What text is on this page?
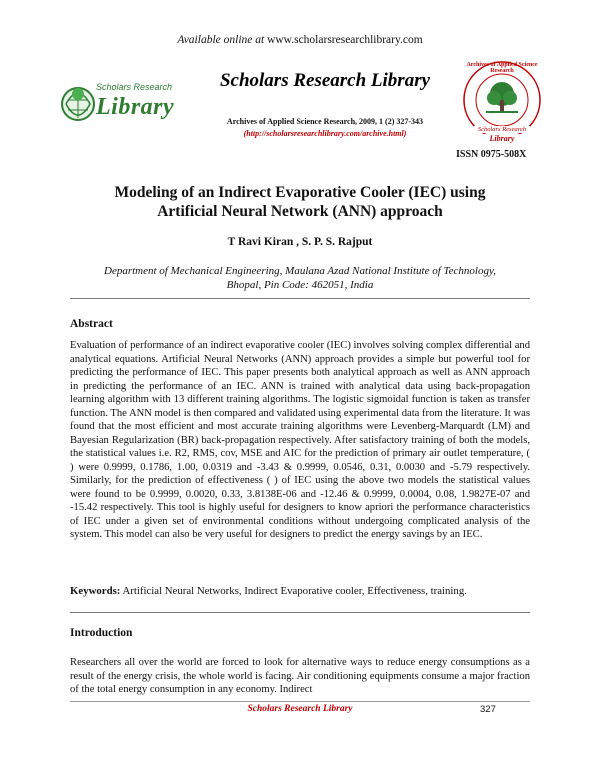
Available online at www.scholarsresearchlibrary.com
Scholars Research
Library
Scholars Research Library
Archives of Applied Science Research, 2009, 1 (2) 327-343
(http://scholarsresearchlibrary.com/archive.html)
Archives of Applied Science Research
Scholars Research
Library
ISSN 0975-508X
Modeling of an Indirect Evaporative Cooler (IEC) using
Artificial Neural Network (ANN) approach
T Ravi Kiran , S. P. S. Rajput
Department of Mechanical Engineering, Maulana Azad National Institute of Technology,
Bhopal, Pin Code: 462051, India
Abstract
Evaluation of performance of an indirect evaporative cooler (IEC) involves solving complex differential and analytical equations. Artificial Neural Networks (ANN) approach provides a simple but powerful tool for predicting the performance of IEC. This paper presents both analytical approach as well as ANN approach in predicting the performance of an IEC. ANN is trained with analytical data using back-propagation learning algorithm with 13 different training algorithms. The logistic sigmoidal function is taken as transfer function. The ANN model is then compared and validated using experimental data from the literature. It was found that the most efficient and most accurate training algorithms were Levenberg-Marquardt (LM) and Bayesian Regularization (BR) back-propagation respectively. After satisfactory training of both the models, the statistical values i.e. R2, RMS, cov, MSE and AIC for the prediction of primary air outlet temperature, ( ) were 0.9999, 0.1786, 1.00, 0.0319 and -3.43 & 0.9999, 0.0546, 0.31, 0.0030 and -5.79 respectively. Similarly, for the prediction of effectiveness ( ) of IEC using the above two models the statistical values were found to be 0.9999, 0.0020, 0.33, 3.8138E-06 and -12.46 & 0.9999, 0.0004, 0.08, 1.9827E-07 and -15.42 respectively. This tool is highly useful for designers to know apriori the performance characteristics of IEC under a given set of environmental conditions without undergoing complicated analysis of the system. This model can also be very useful for designers to predict the energy savings by an IEC.
Keywords: Artificial Neural Networks, Indirect Evaporative cooler, Effectiveness, training.
Introduction
Researchers all over the world are forced to look for alternative ways to reduce energy consumptions as a result of the energy crisis, the whole world is facing. Air conditioning equipments consume a major fraction of the total energy consumption in any economy. Indirect
Scholars Research Library	327
